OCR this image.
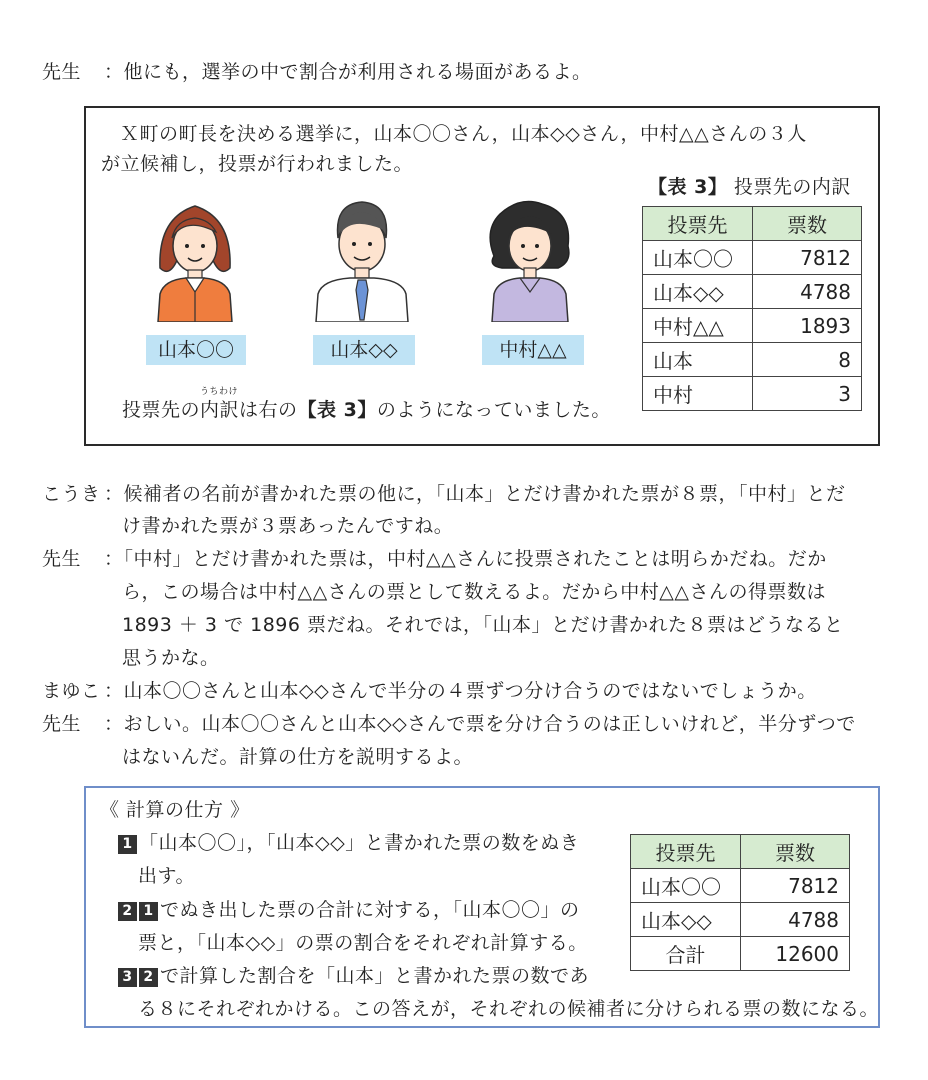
先生 ：他にも，選挙の中で割合が利用される場面があるよ。
Ｘ町の町長を決める選挙に，山本〇〇さん，山本◇◇さん，中村△△さんの３人
が立候補し，投票が行われました。
山本〇〇	山本◇◇	中村△△
投票先の
うちわけ
内訳は右の【表 3】のようになっていました。
【表 3】 投票先の内訳
投票先	票数
山本〇〇	7812
山本◇◇	4788
中村△△	1893
山本	8
中村	3
こうき ：候補者の名前が書かれた票の他に，「山本」とだけ書かれた票が８票，「中村」とだ
け書かれた票が３票あったんですね。
先生 ：「中村」とだけ書かれた票は，中村△△さんに投票されたことは明らかだね。だか
ら，この場合は中村△△さんの票として数えるよ。だから中村△△さんの得票数は
1893 ＋ 3 で 1896 票だね。それでは，「山本」とだけ書かれた８票はどうなると
思うかな。
まゆこ ：山本〇〇さんと山本◇◇さんで半分の４票ずつ分け合うのではないでしょうか。
先生 ：おしい。山本〇〇さんと山本◇◇さんで票を分け合うのは正しいけれど，半分ずつで
はないんだ。計算の仕方を説明するよ。
《 計算の仕方 》
1 「山本〇〇」，「山本◇◇」と書かれた票の数をぬき
出す。
2 1 でぬき出した票の合計に対する，「山本〇〇」の
票と，「山本◇◇」の票の割合をそれぞれ計算する。
3 2 で計算した割合を「山本」と書かれた票の数であ
る８にそれぞれかける。この答えが，それぞれの候補者に分けられる票の数になる。
投票先	票数
山本〇〇	7812
山本◇◇	4788
合計	12600
